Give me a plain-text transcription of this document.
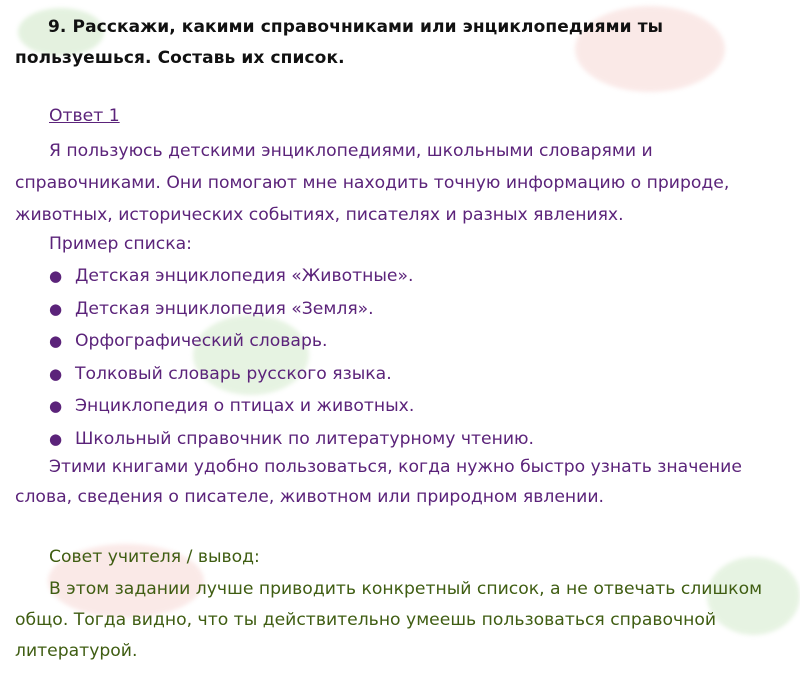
9. Расскажи, какими справочниками или энциклопедиями ты пользуешься. Составь их список.
Ответ 1
Я пользуюсь детскими энциклопедиями, школьными словарями и справочниками. Они помогают мне находить точную информацию о природе, животных, исторических событиях, писателях и разных явлениях.
Пример списка:
● Детская энциклопедия «Животные».
● Детская энциклопедия «Земля».
● Орфографический словарь.
● Толковый словарь русского языка.
● Энциклопедия о птицах и животных.
● Школьный справочник по литературному чтению.
Этими книгами удобно пользоваться, когда нужно быстро узнать значение слова, сведения о писателе, животном или природном явлении.
Совет учителя / вывод:
В этом задании лучше приводить конкретный список, а не отвечать слишком общо. Тогда видно, что ты действительно умеешь пользоваться справочной литературой.
